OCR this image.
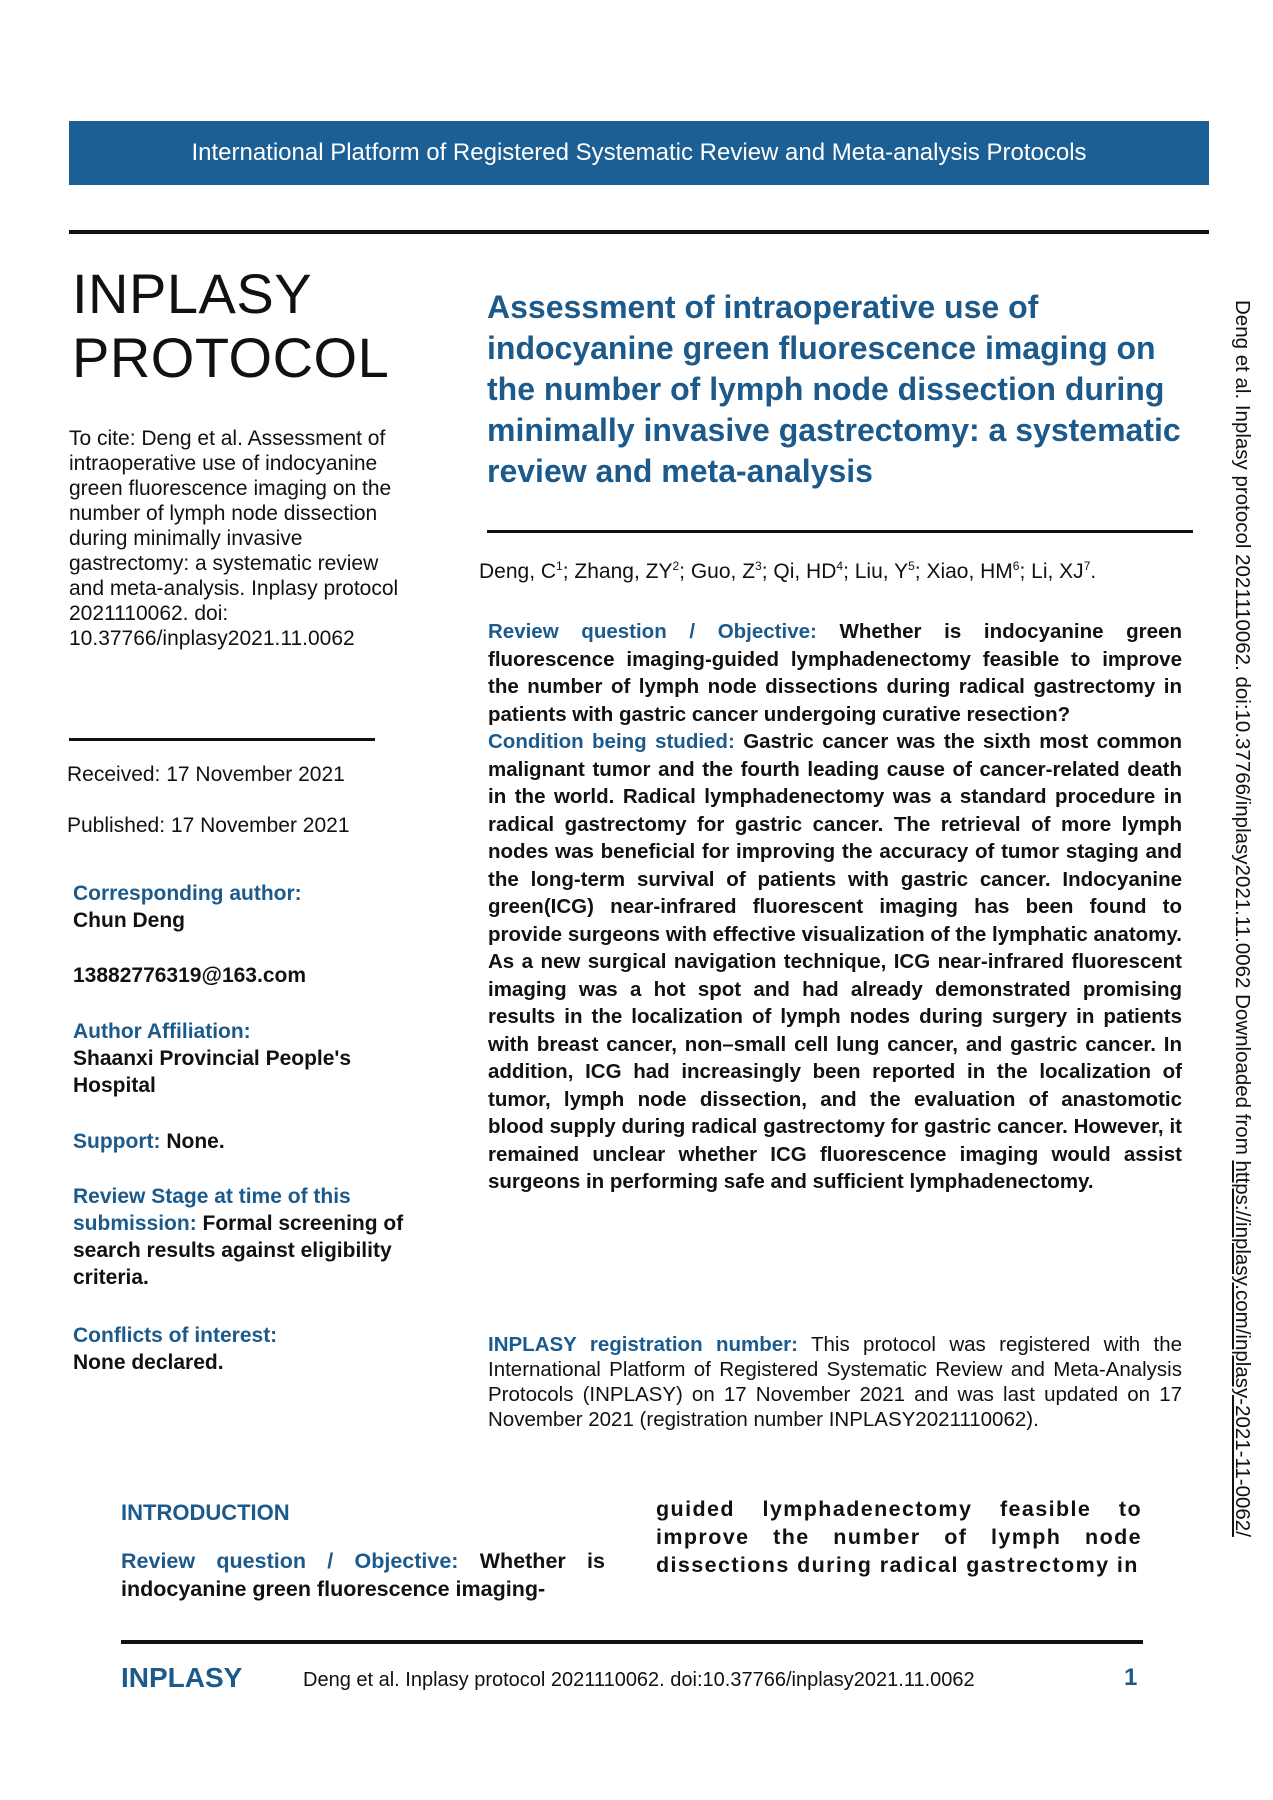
International Platform of Registered Systematic Review and Meta-analysis Protocols
INPLASY
PROTOCOL
To cite: Deng et al. Assessment of intraoperative use of indocyanine green fluorescence imaging on the number of lymph node dissection during minimally invasive gastrectomy: a systematic review and meta-analysis. Inplasy protocol 2021110062. doi: 10.37766/inplasy2021.11.0062
Received: 17 November 2021
Published: 17 November 2021
Corresponding author:
Chun Deng
13882776319@163.com
Author Affiliation:
Shaanxi Provincial People's Hospital
Support: None.
Review Stage at time of this submission: Formal screening of search results against eligibility criteria.
Conflicts of interest:
None declared.
Assessment of intraoperative use of indocyanine green fluorescence imaging on the number of lymph node dissection during minimally invasive gastrectomy: a systematic review and meta-analysis
Deng, $C^1$; Zhang, $ZY^2$; Guo, $Z^3$; Qi, $HD^4$; Liu, $Y^5$; Xiao, $HM^6$; Li, $XJ^7$.

Review question / Objective: Whether is indocyanine green fluorescence imaging-guided lymphadenectomy feasible to improve the number of lymph node dissections during radical gastrectomy in patients with gastric cancer undergoing curative resection?

Condition being studied: Gastric cancer was the sixth most common malignant tumor and the fourth leading cause of cancer-related death in the world. Radical lymphadenectomy was a standard procedure in radical gastrectomy for gastric cancer. The retrieval of more lymph nodes was beneficial for improving the accuracy of tumor staging and the long-term survival of patients with gastric cancer. Indocyanine green(ICG) near-infrared fluorescent imaging has been found to provide surgeons with effective visualization of the lymphatic anatomy. As a new surgical navigation technique, ICG near-infrared fluorescent imaging was a hot spot and had already demonstrated promising results in the localization of lymph nodes during surgery in patients with breast cancer, non–small cell lung cancer, and gastric cancer. In addition, ICG had increasingly been reported in the localization of tumor, lymph node dissection, and the evaluation of anastomotic blood supply during radical gastrectomy for gastric cancer. However, it remained unclear whether ICG fluorescence imaging would assist surgeons in performing safe and sufficient lymphadenectomy.

INPLASY registration number: This protocol was registered with the International Platform of Registered Systematic Review and Meta-Analysis Protocols (INPLASY) on 17 November 2021 and was last updated on 17 November 2021 (registration number INPLASY2021110062).
INTRODUCTION
Review question / Objective: Whether is indocyanine green fluorescence imaging-
guided lymphadenectomy feasible to improve the number of lymph node dissections during radical gastrectomy in
INPLASY	Deng et al. Inplasy protocol 2021110062. doi:10.37766/inplasy2021.11.0062	1
Deng et al. Inplasy protocol 2021110062. doi:10.37766/inplasy2021.11.0062 Downloaded from https://inplasy.com/inplasy-2021-11-0062/
